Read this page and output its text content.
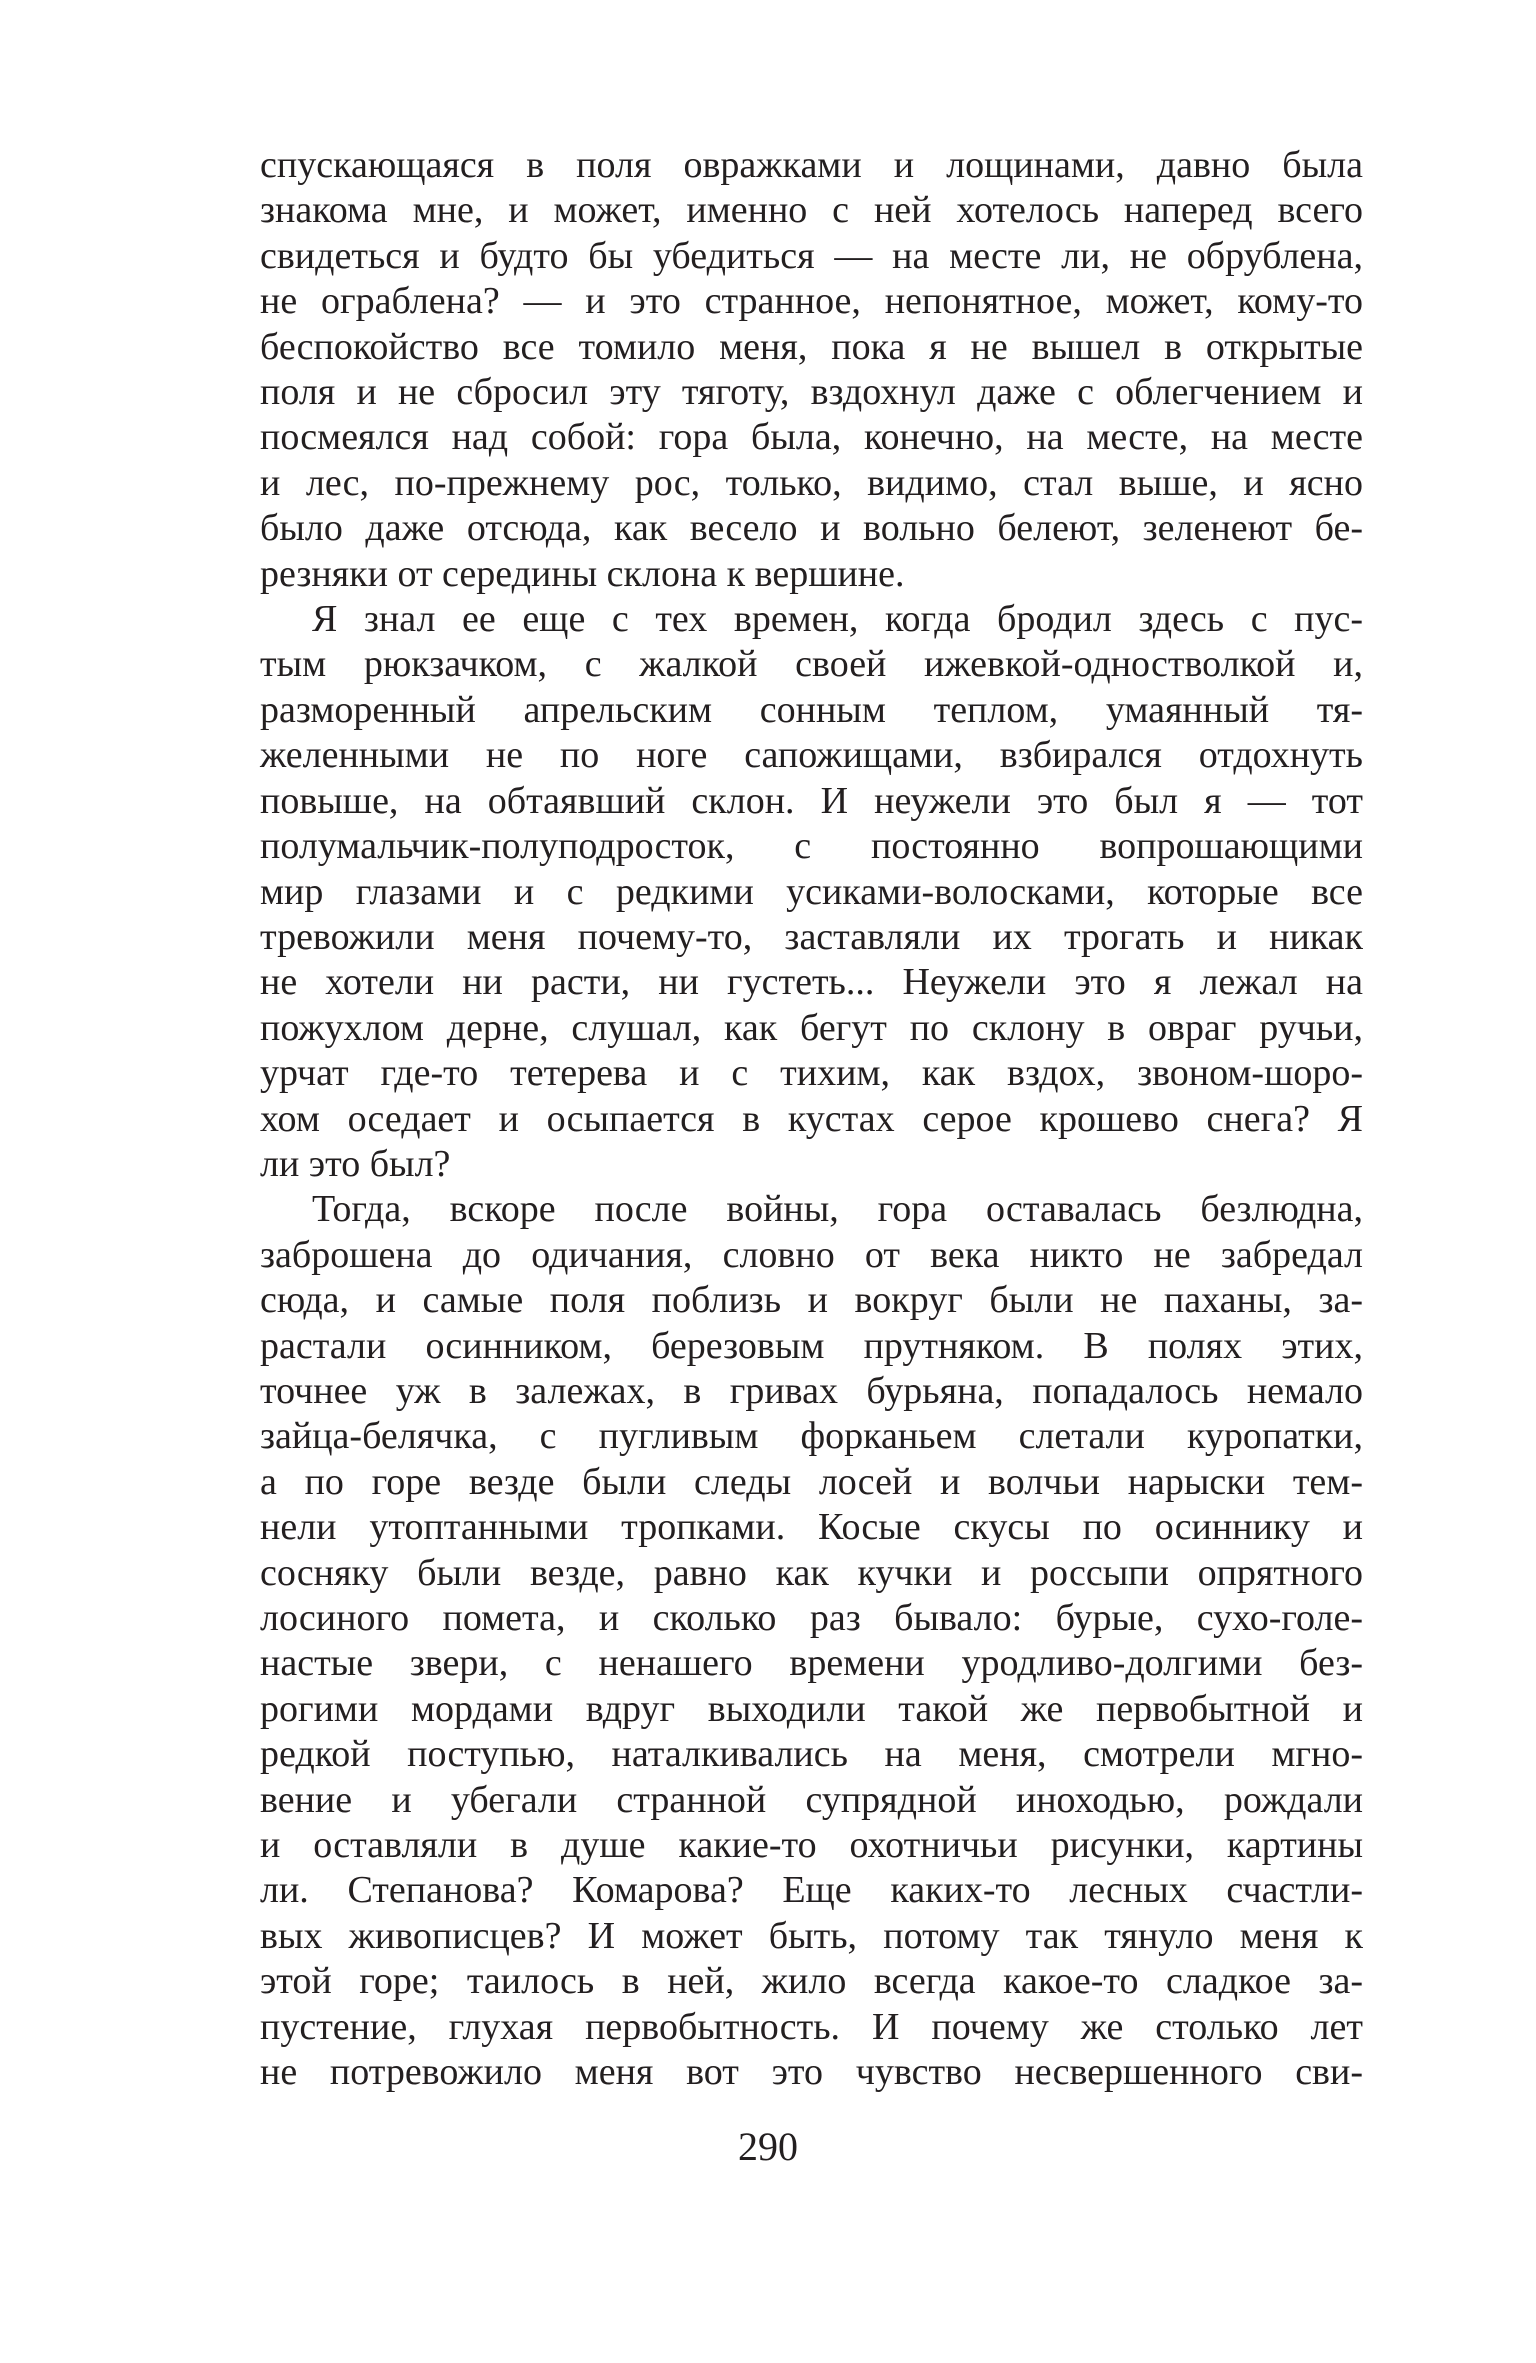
спускающаяся в поля овражками и лощинами, давно была
знакома мне, и может, именно с ней хотелось наперед всего
свидеться и будто бы убедиться — на месте ли, не обрублена,
не ограблена? — и это странное, непонятное, может, кому-то
беспокойство все томило меня, пока я не вышел в открытые
поля и не сбросил эту тяготу, вздохнул даже с облегчением и
посмеялся над собой: гора была, конечно, на месте, на месте
и лес, по-прежнему рос, только, видимо, стал выше, и ясно
было даже отсюда, как весело и вольно белеют, зеленеют бе-
резняки от середины склона к вершине.

Я знал ее еще с тех времен, когда бродил здесь с пус-
тым рюкзачком, с жалкой своей ижевкой-одностволкой и,
разморенный апрельским сонным теплом, умаянный тя-
желенными не по ноге сапожищами, взбирался отдохнуть
повыше, на обтаявший склон. И неужели это был я — тот
полумальчик-полуподросток, с постоянно вопрошающими
мир глазами и с редкими усиками-волосками, которые все
тревожили меня почему-то, заставляли их трогать и никак
не хотели ни расти, ни густеть... Неужели это я лежал на
пожухлом дерне, слушал, как бегут по склону в овраг ручьи,
урчат где-то тетерева и с тихим, как вздох, звоном-шоро-
хом оседает и осыпается в кустах серое крошево снега? Я
ли это был?

Тогда, вскоре после войны, гора оставалась безлюдна,
заброшена до одичания, словно от века никто не забредал
сюда, и самые поля поблизь и вокруг были не паханы, за-
растали осинником, березовым прутняком. В полях этих,
точнее уж в залежах, в гривах бурьяна, попадалось немало
зайца-белячка, с пугливым форканьем слетали куропатки,
а по горе везде были следы лосей и волчьи нарыски тем-
нели утоптанными тропками. Косые скусы по осиннику и
сосняку были везде, равно как кучки и россыпи опрятного
лосиного помета, и сколько раз бывало: бурые, сухо-голе-
настые звери, с ненашего времени уродливо-долгими без-
рогими мордами вдруг выходили такой же первобытной и
редкой поступью, наталкивались на меня, смотрели мгно-
вение и убегали странной супрядной иноходью, рождали
и оставляли в душе какие-то охотничьи рисунки, картины
ли. Степанова? Комарова? Еще каких-то лесных счастли-
вых живописцев? И может быть, потому так тянуло меня к
этой горе; таилось в ней, жило всегда какое-то сладкое за-
пустение, глухая первобытность. И почему же столько лет
не потревожило меня вот это чувство несвершенного сви-

290
